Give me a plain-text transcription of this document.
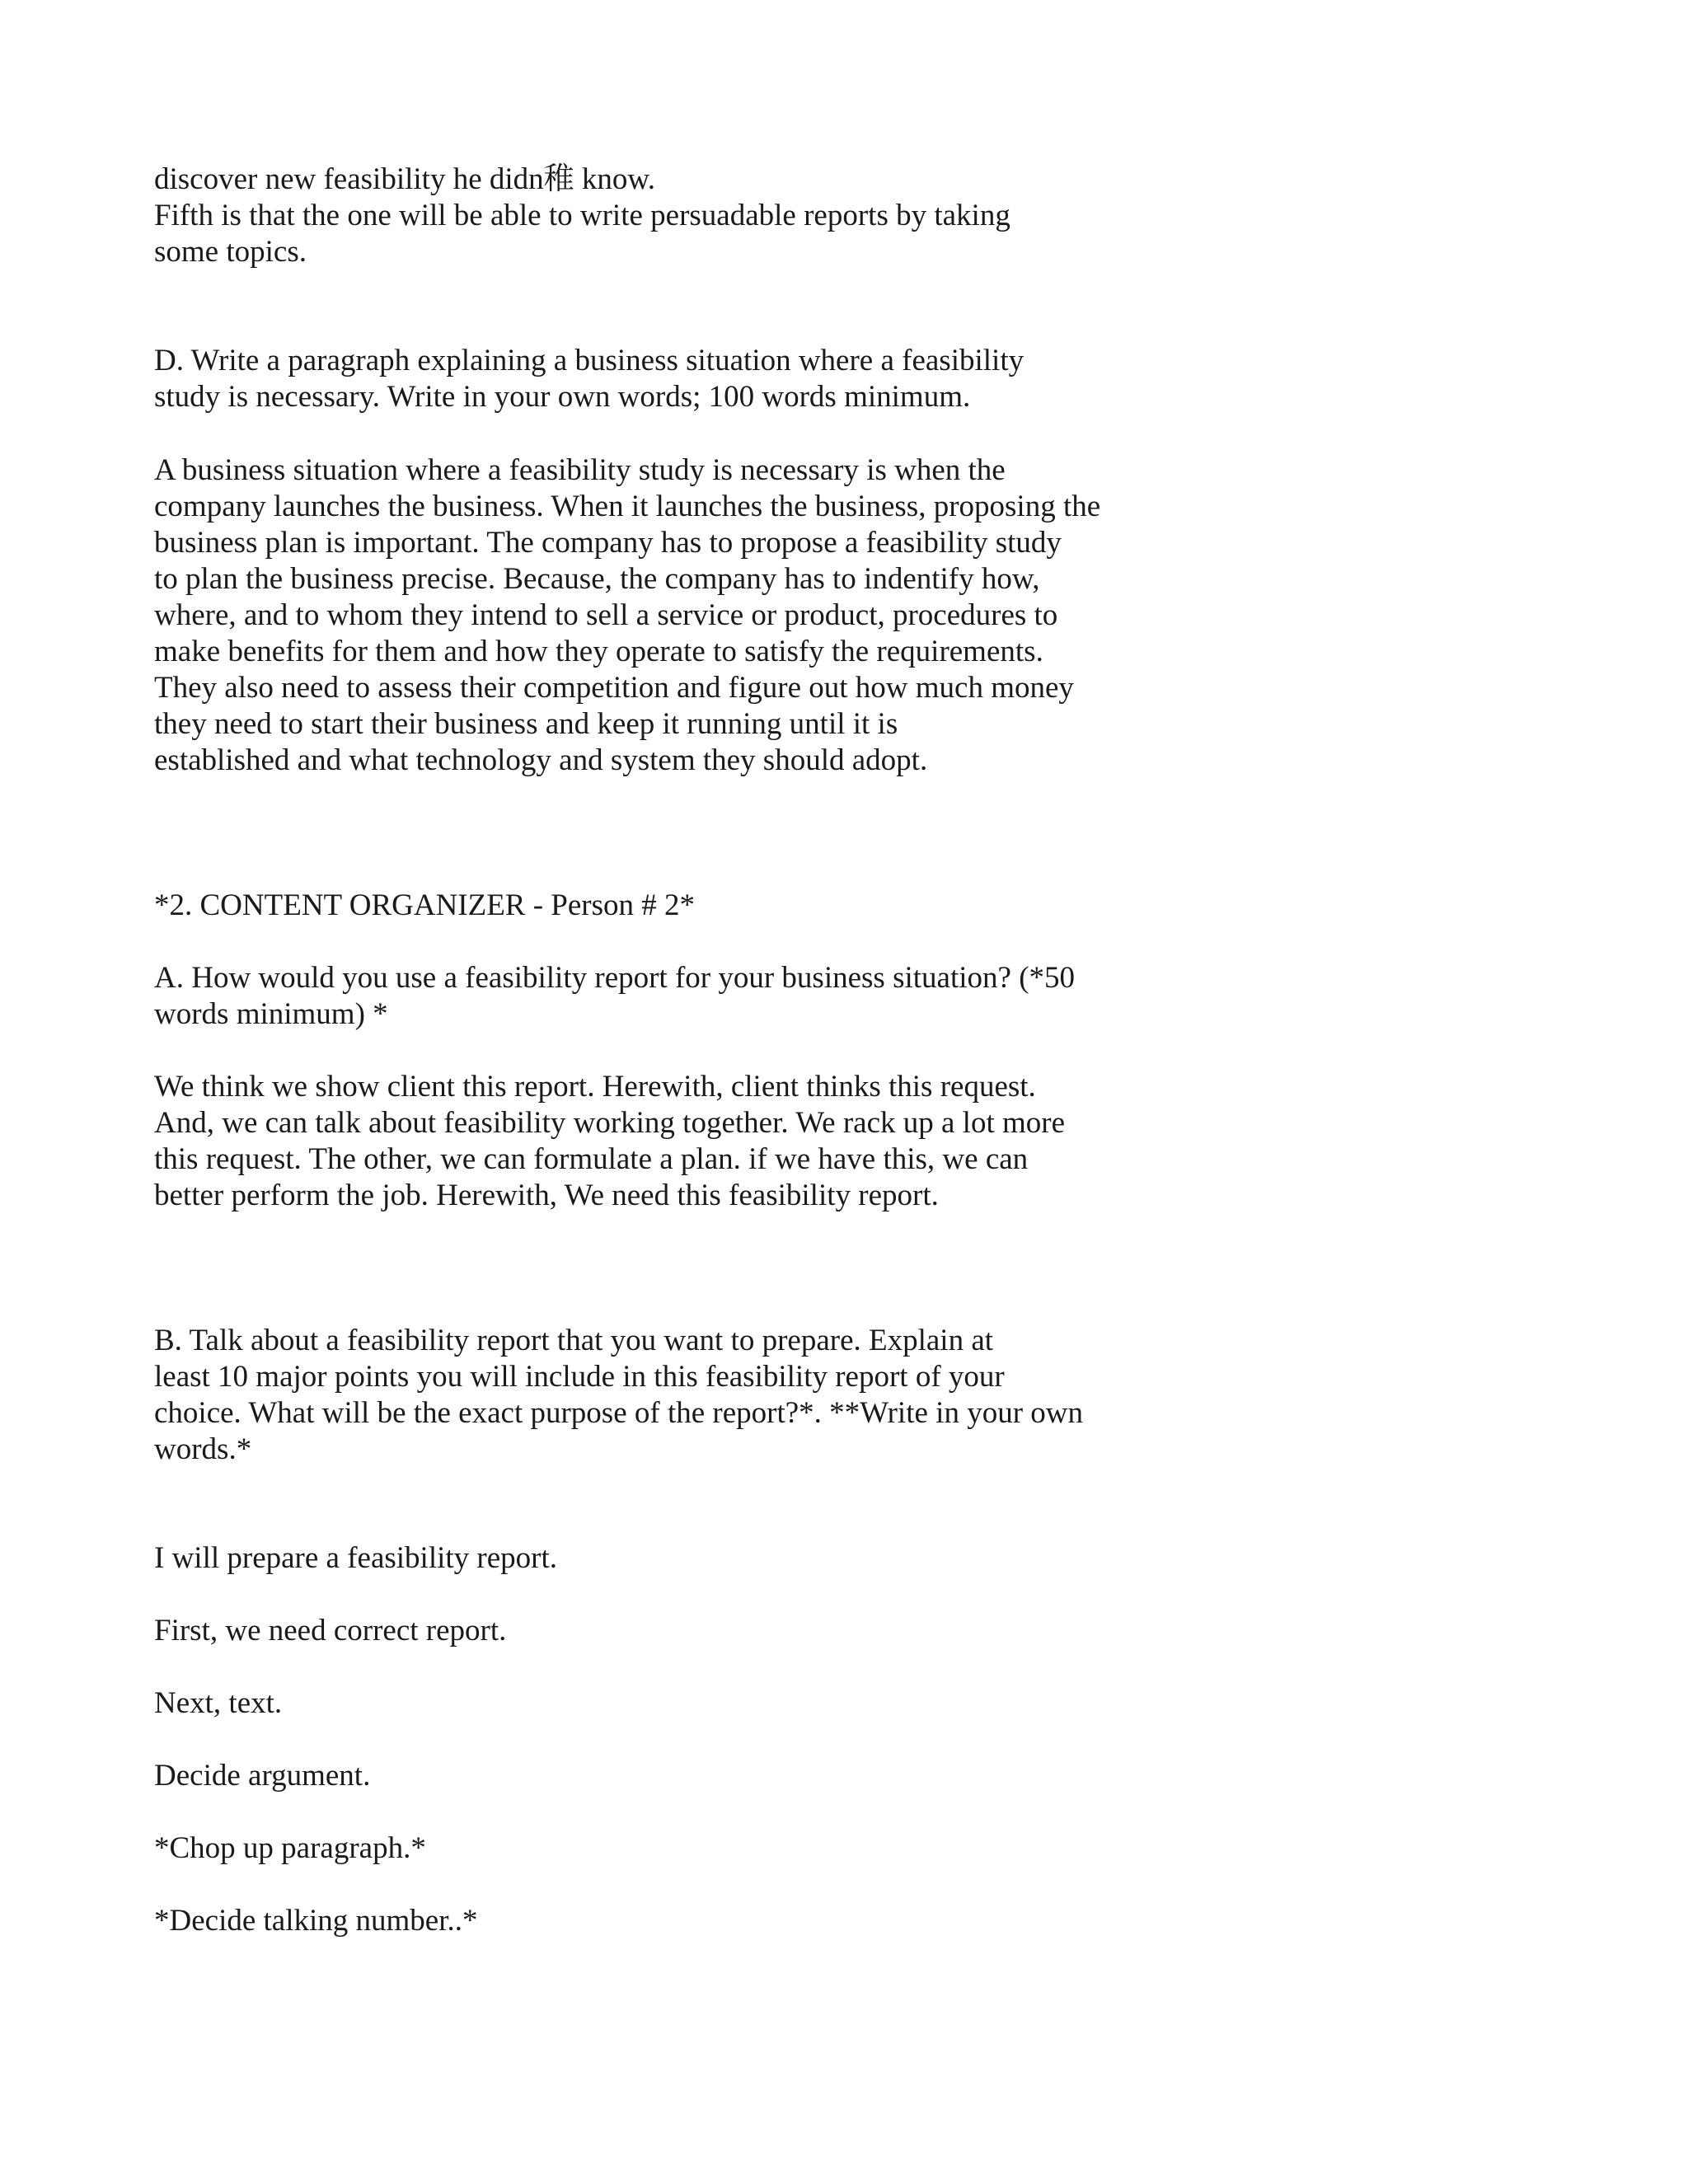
discover new feasibility he didn稚 know.
Fifth is that the one will be able to write persuadable reports by taking
some topics.

D. Write a paragraph explaining a business situation where a feasibility
study is necessary. Write in your own words; 100 words minimum.

A business situation where a feasibility study is necessary is when the
company launches the business. When it launches the business, proposing the
business plan is important. The company has to propose a feasibility study
to plan the business precise. Because, the company has to indentify how,
where, and to whom they intend to sell a service or product, procedures to
make benefits for them and how they operate to satisfy the requirements.
They also need to assess their competition and figure out how much money
they need to start their business and keep it running until it is
established and what technology and system they should adopt.

*2. CONTENT ORGANIZER - Person # 2*

A. How would you use a feasibility report for your business situation? (*50
words minimum) *

We think we show client this report. Herewith, client thinks this request.
And, we can talk about feasibility working together. We rack up a lot more
this request. The other, we can formulate a plan. if we have this, we can
better perform the job. Herewith, We need this feasibility report.

B. Talk about a feasibility report that you want to prepare. Explain at
least 10 major points you will include in this feasibility report of your
choice. What will be the exact purpose of the report?*. **Write in your own
words.*

I will prepare a feasibility report.

First, we need correct report.

Next, text.

Decide argument.

*Chop up paragraph.*

*Decide talking number..*
